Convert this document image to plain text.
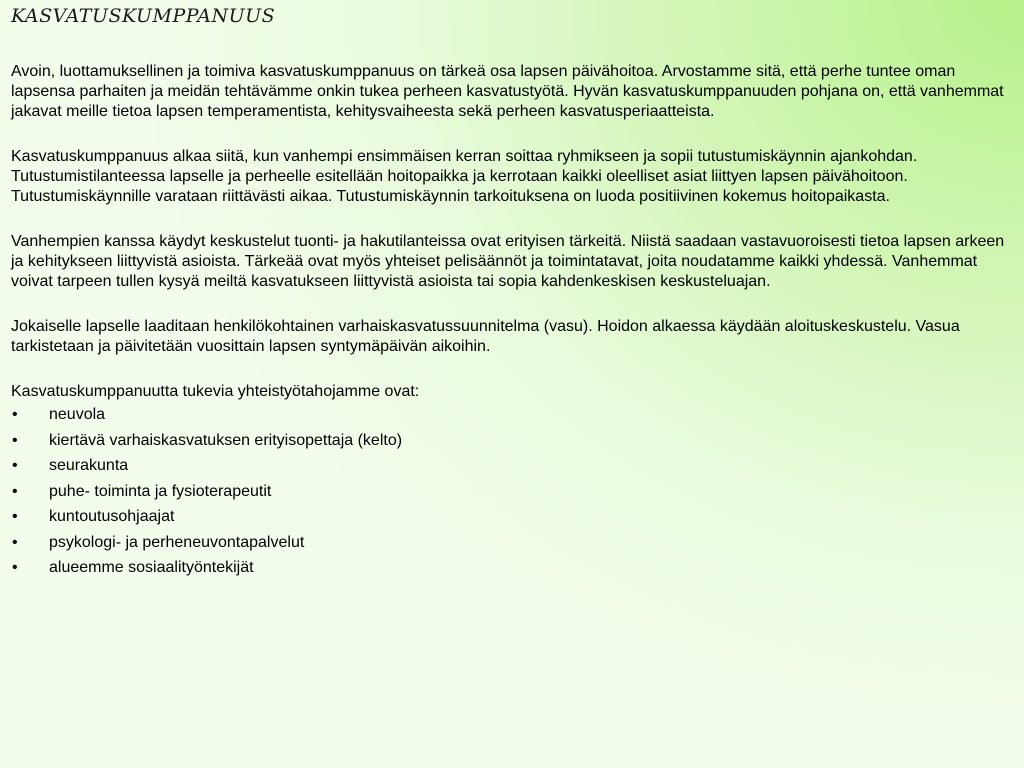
KASVATUSKUMPPANUUS

Avoin, luottamuksellinen ja toimiva kasvatuskumppanuus on tärkeä osa lapsen päivähoitoa. Arvostamme sitä, että perhe tuntee oman lapsensa parhaiten ja meidän tehtävämme onkin tukea perheen kasvatustyötä. Hyvän kasvatuskumppanuuden pohjana on, että vanhemmat jakavat meille tietoa lapsen temperamentista, kehitysvaiheesta sekä perheen kasvatusperiaatteista.

Kasvatuskumppanuus alkaa siitä, kun vanhempi ensimmäisen kerran soittaa ryhmikseen ja sopii tutustumiskäynnin ajankohdan. Tutustumistilanteessa lapselle ja perheelle esitellään hoitopaikka ja kerrotaan kaikki oleelliset asiat liittyen lapsen päivähoitoon. Tutustumiskäynnille varataan riittävästi aikaa. Tutustumiskäynnin tarkoituksena on luoda positiivinen kokemus hoitopaikasta.

Vanhempien kanssa käydyt keskustelut tuonti- ja hakutilanteissa ovat erityisen tärkeitä. Niistä saadaan vastavuoroisesti tietoa lapsen arkeen ja kehitykseen liittyvistä asioista. Tärkeää ovat myös yhteiset pelisäännöt ja toimintatavat, joita noudatamme kaikki yhdessä. Vanhemmat voivat tarpeen tullen kysyä meiltä kasvatukseen liittyvistä asioista tai sopia kahdenkeskisen keskusteluajan.

Jokaiselle lapselle laaditaan henkilökohtainen varhaiskasvatussuunnitelma (vasu). Hoidon alkaessa käydään aloituskeskustelu. Vasua tarkistetaan ja päivitetään vuosittain lapsen syntymäpäivän aikoihin.

Kasvatuskumppanuutta tukevia yhteistyötahojamme ovat:

• neuvola
• kiertävä varhaiskasvatuksen erityisopettaja (kelto)
• seurakunta
• puhe- toiminta ja fysioterapeutit
• kuntoutusohjaajat
• psykologi- ja perheneuvontapalvelut
• alueemme sosiaalityöntekijät
